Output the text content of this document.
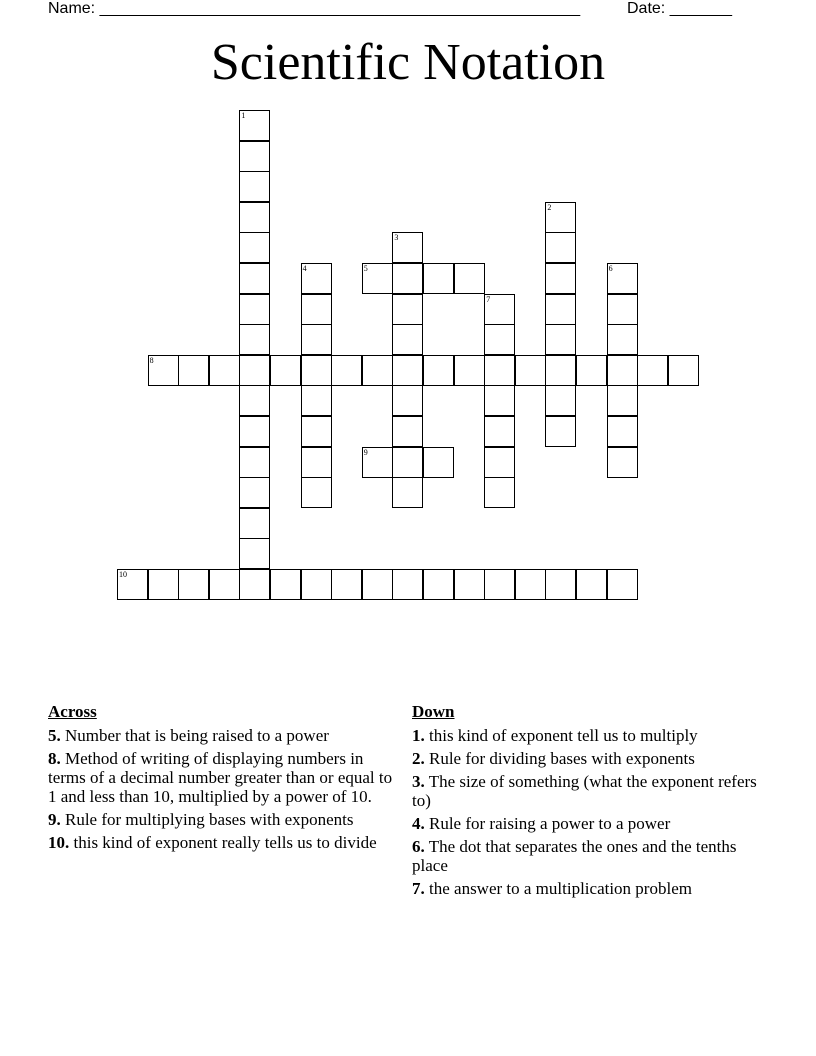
Name: ______________________________________________________	Date: _______
Scientific Notation
1
2
3
4	5	6
7
8
9
10
Across
5. Number that is being raised to a power
8. Method of writing of displaying numbers in terms of a decimal number greater than or equal to 1 and less than 10, multiplied by a power of 10.
9. Rule for multiplying bases with exponents
10. this kind of exponent really tells us to divide
Down
1. this kind of exponent tell us to multiply
2. Rule for dividing bases with exponents
3. The size of something (what the exponent refers to)
4. Rule for raising a power to a power
6. The dot that separates the ones and the tenths place
7. the answer to a multiplication problem
